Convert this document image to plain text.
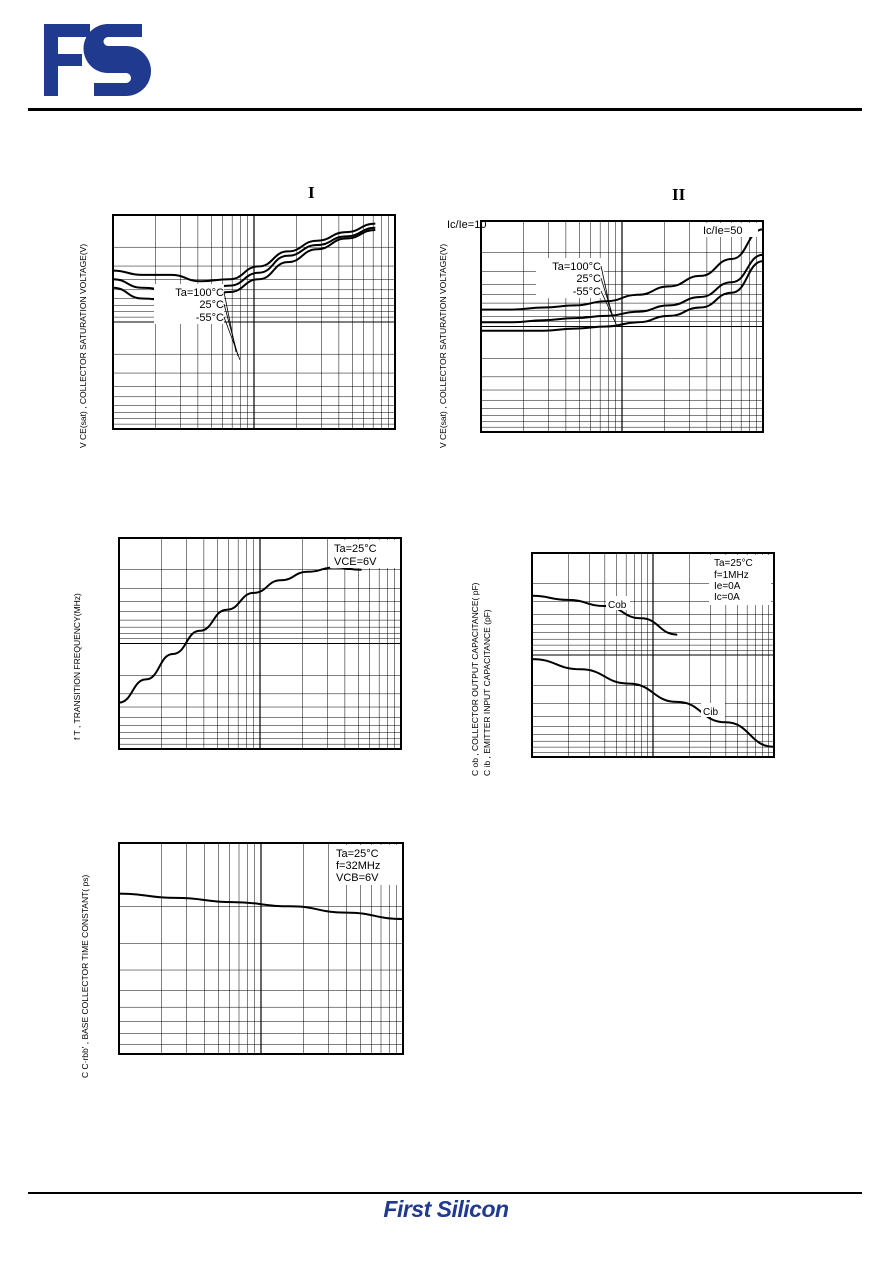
I	II
V CE(sat) , COLLECTOR SATURATION VOLTAGE(V)
Ic/Ie=10
Ta=100°C
25°C
-55°C	V CE(sat) , COLLECTOR SATURATION VOLTAGE(V)
Ic/Ie=50
Ta=100°C
25°C
-55°C
f T , TRANSITION FREQUENCY(MHz)
Ta=25°C
VCE=6V
C ob , COLLECTOR OUTPUT CAPACITANCE( pF) C ib , EMITTER INPUT CAPACITANCE (pF)
Ta=25°C
f=1MHz
Ie=0A
Ic=0A
Cob
Cib
C C·rbb' , BASE COLLECTOR TIME CONSTANT( ps)
Ta=25°C
f=32MHz
VCB=6V
First Silicon
